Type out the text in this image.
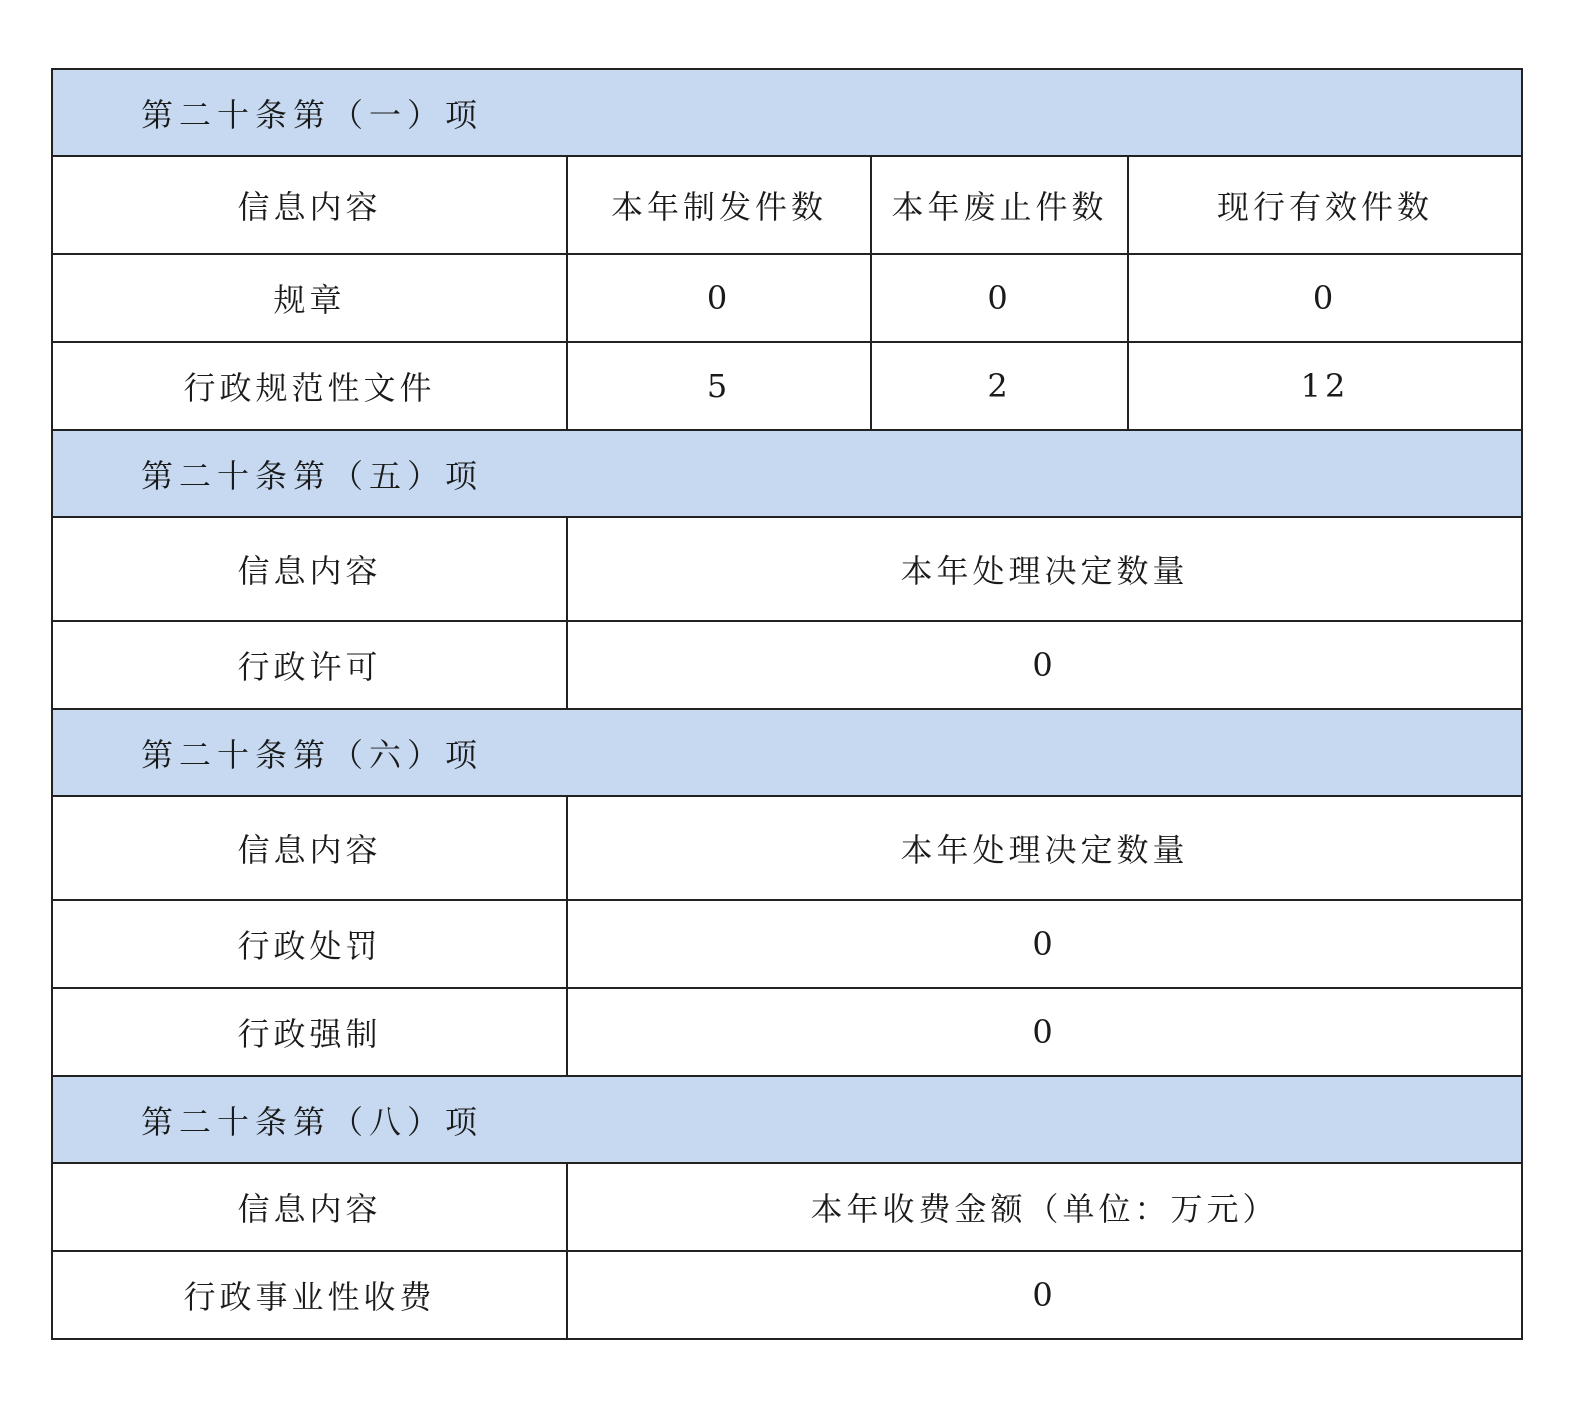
第二十条第（一）项			
信息内容	本年制发件数	本年废止件数	现行有效件数
规章	0	0	0
行政规范性文件	5	2	12
第二十条第（五）项			
信息内容	本年处理决定数量		
行政许可	0		
第二十条第（六）项			
信息内容	本年处理决定数量		
行政处罚	0		
行政强制	0		
第二十条第（八）项			
信息内容	本年收费金额（单位：万元）		
行政事业性收费	0		
